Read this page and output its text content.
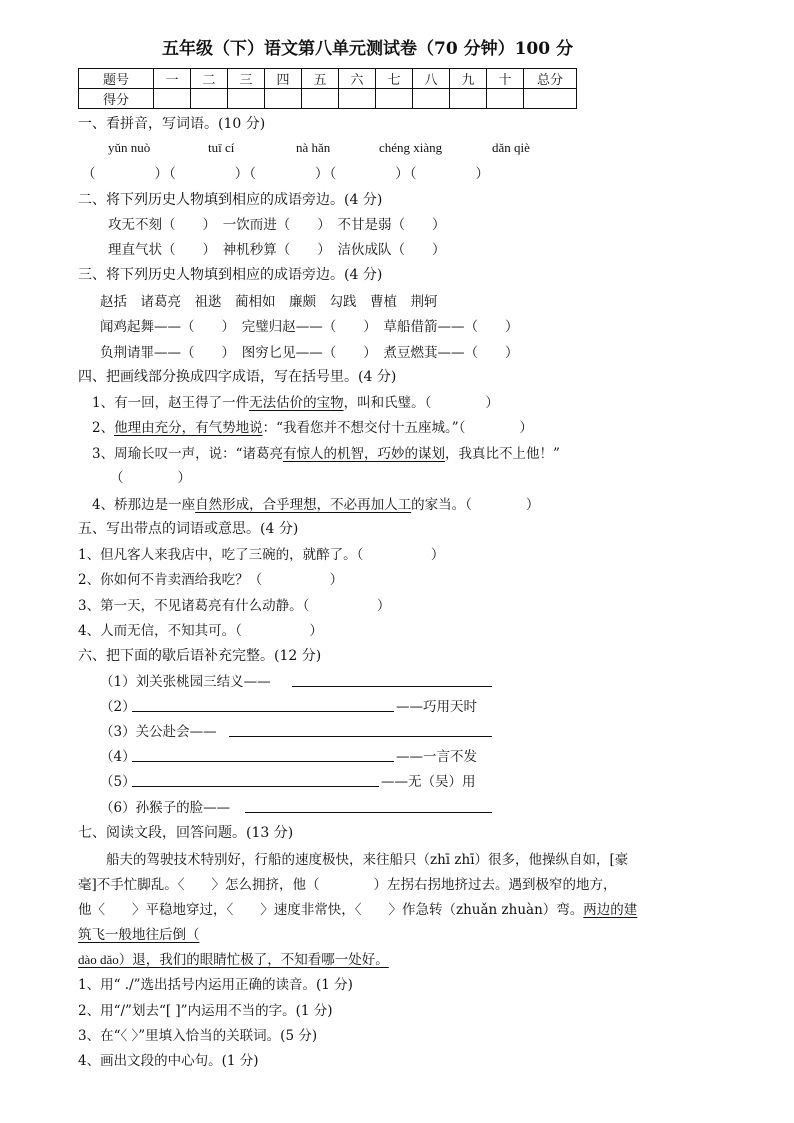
五年级（下）语文第八单元测试卷（70 分钟）100 分
题号	一	二	三	四	五	六	七	八	九	十	总分
得分											
一、看拼音，写词语。(10 分)
yǔn nuò	tuī cí	nà hǎn	chéng xiàng	dǎn qiè
（　　　　）（　　　　）（　　　　）（　　　　）（　　　　）
二、将下列历史人物填到相应的成语旁边。(4 分)
攻无不刻（　　）　一饮而进（　　）　不甘是弱（　　）
理直气状（　　）　神机秒算（　　）　洁伙成队（　　）
三、将下列历史人物填到相应的成语旁边。(4 分)
赵括　诸葛亮　祖逖　蔺相如　廉颇　勾践　曹植　荆轲
闻鸡起舞——（　　）　完璧归赵——（　　）　草船借箭——（　　）
负荆请罪——（　　）　图穷匕见——（　　）　煮豆燃萁——（　　）
四、把画线部分换成四字成语，写在括号里。(4 分)
1、有一回，赵王得了一件无法估价的宝物，叫和氏璧。（　　　　）
2、他理由充分，有气势地说：“我看您并不想交付十五座城。”（　　　　）
3、周瑜长叹一声，说：“诸葛亮有惊人的机智，巧妙的谋划，我真比不上他！”
（　　　　）
4、桥那边是一座自然形成，合乎理想，不必再加人工的家当。（　　　　）
五、写出带点的词语或意思。(4 分)
1、但凡客人来我店中，吃了三碗的，就醉了。（　　　　　）
2、你如何不肯卖酒给我吃？（　　　　　）
3、第一天，不见诸葛亮有什么动静。（　　　　　）
4、人而无信，不知其可。（　　　　　）
六、把下面的歇后语补充完整。(12 分)
（1）刘关张桃园三结义——
（2）	——巧用天时
（3）关公赴会——
（4）	——一言不发
（5）	——无（吴）用
（6）孙猴子的脸——
七、阅读文段，回答问题。(13 分)
船夫的驾驶技术特别好，行船的速度极快，来往船只（zhī zhī）很多，他操纵自如，[豪
毫]不手忙脚乱。〈　　〉怎么拥挤，他（　　　　）左拐右拐地挤过去。遇到极窄的地方，
他〈　　〉平稳地穿过，〈　　〉速度非常快，〈　　〉作急转（zhuǎn zhuàn）弯。两边的建
筑飞一般地往后倒（
dào dǎo）退，我们的眼睛忙极了，不知看哪一处好。
1、用“ ./”选出括号内运用正确的读音。(1 分)
2、用“/”划去“[ ]”内运用不当的字。(1 分)
3、在“〈 〉”里填入恰当的关联词。(5 分)
4、画出文段的中心句。(1 分)
